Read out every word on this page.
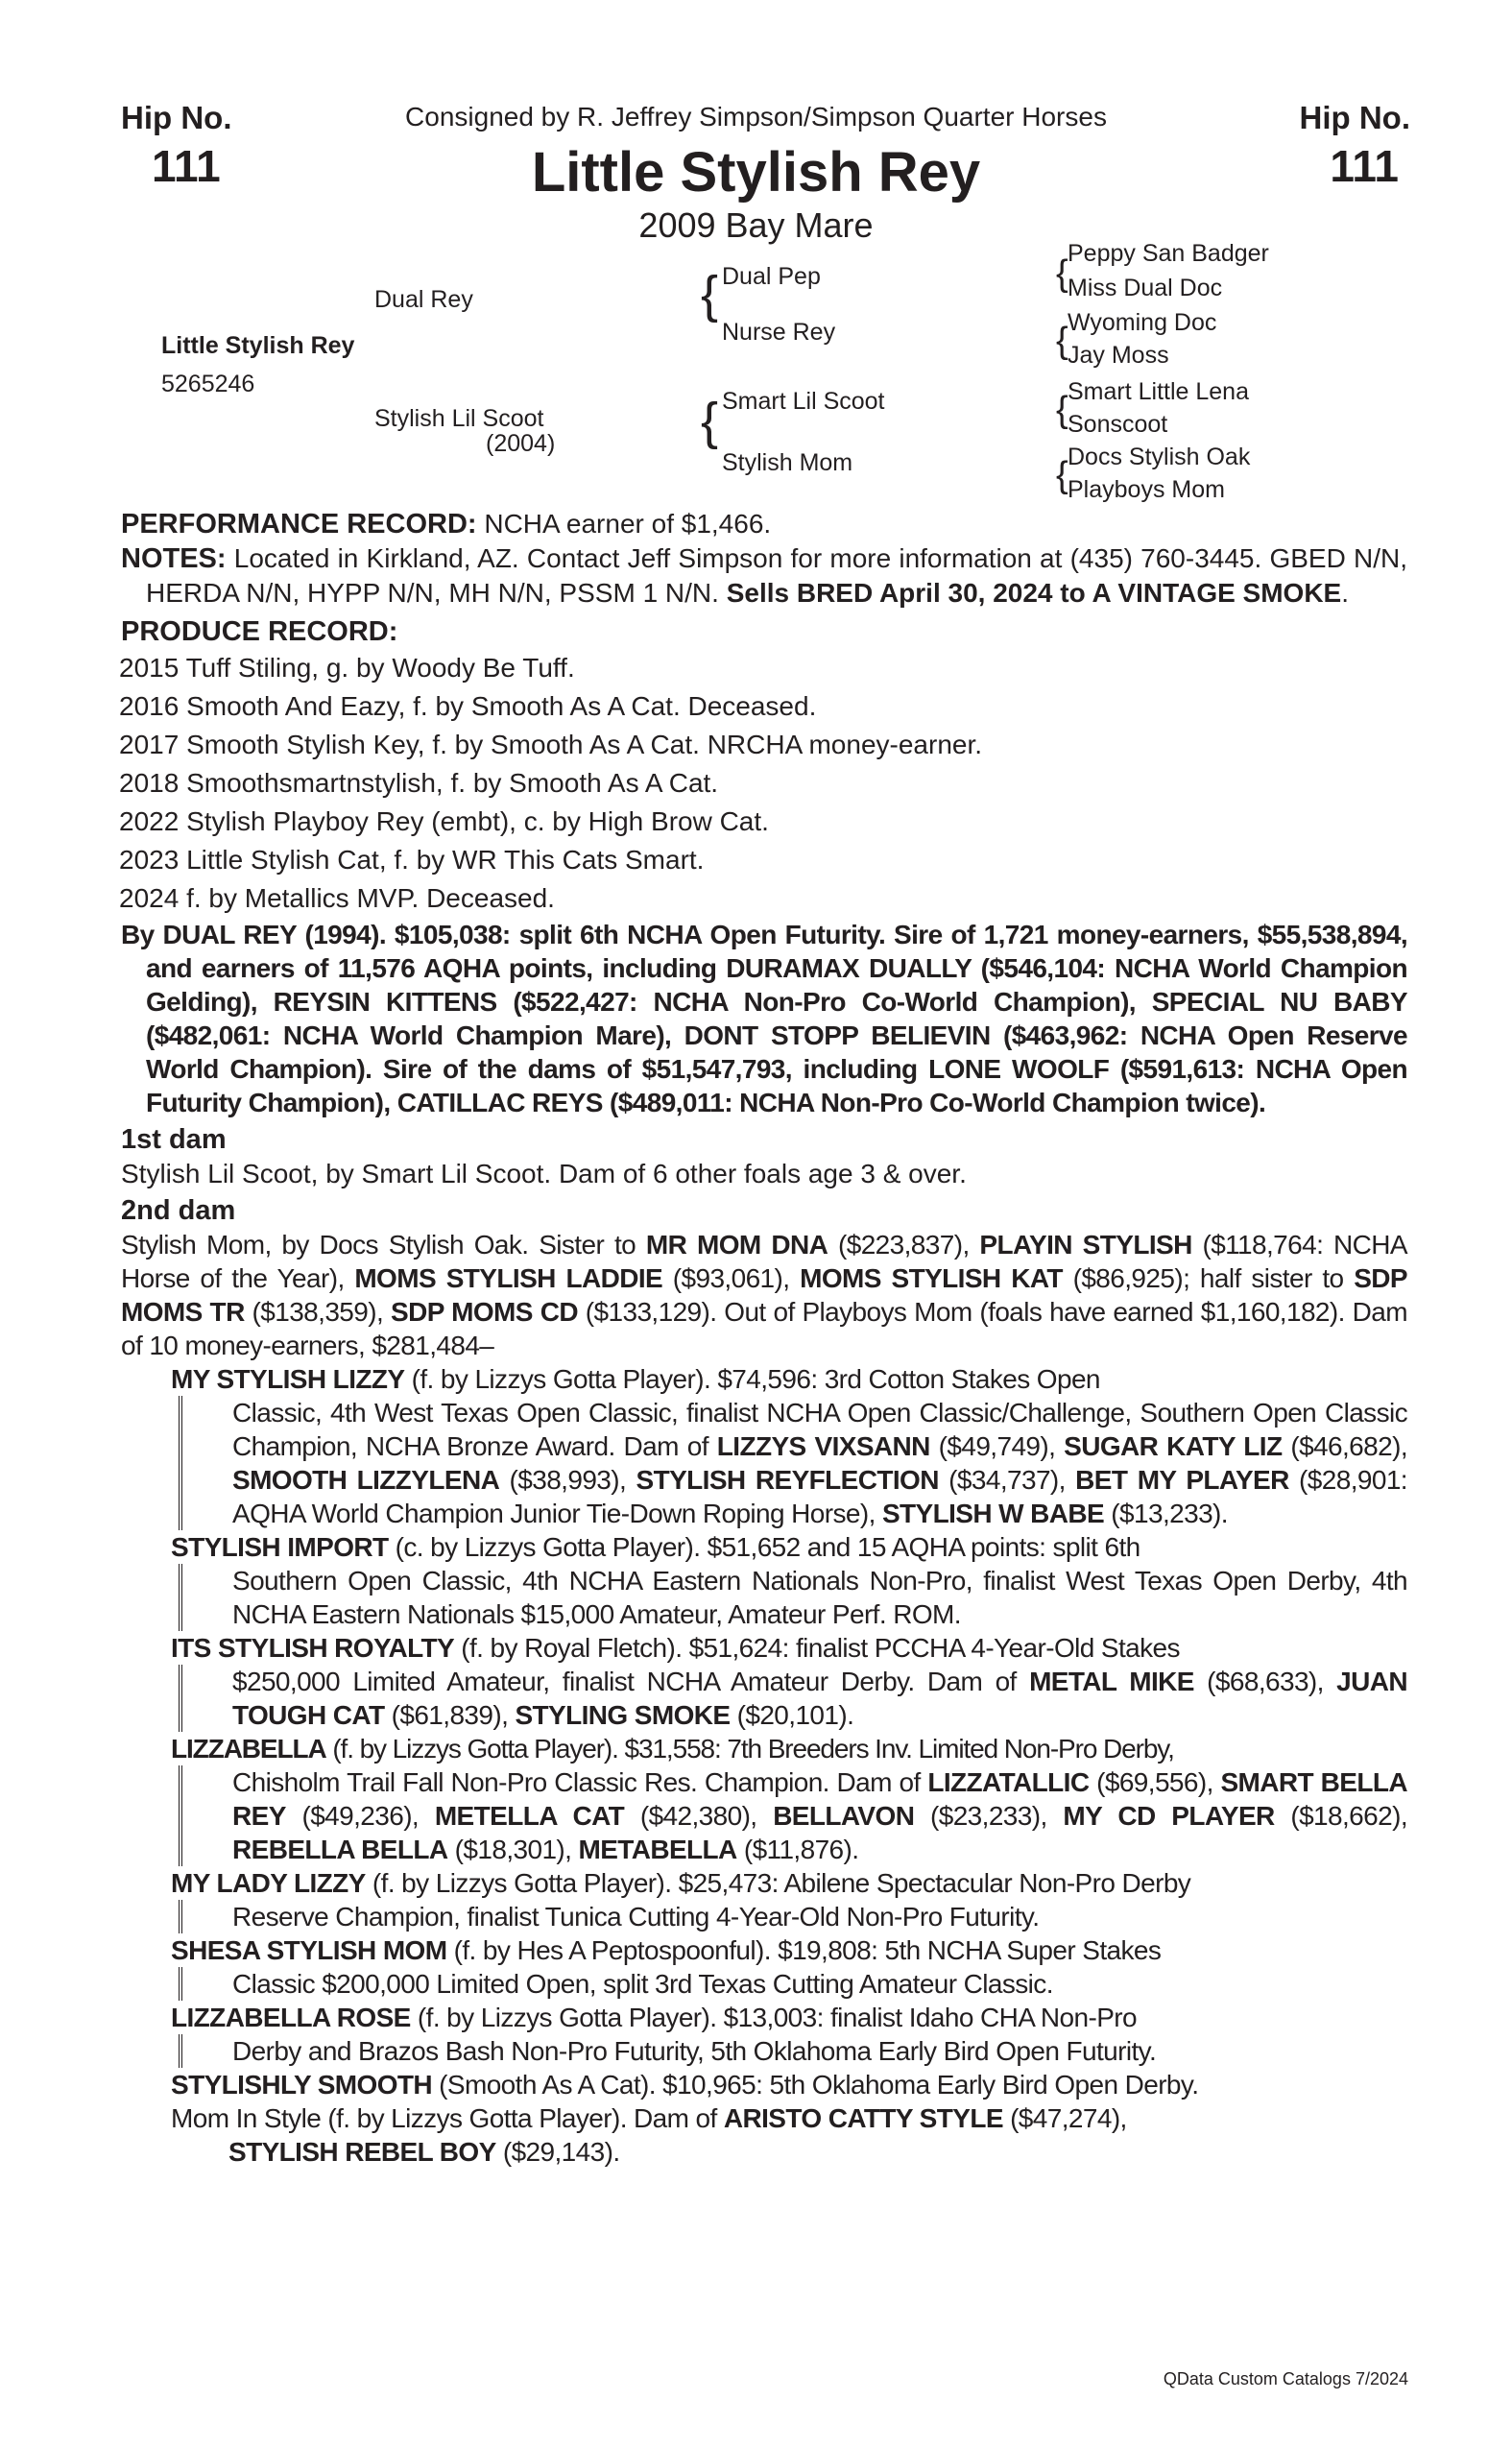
Hip No.
111
Hip No.
111
Consigned by R. Jeffrey Simpson/Simpson Quarter Horses
Little Stylish Rey
2009 Bay Mare
Little Stylish Rey
5265246
Dual Rey
Stylish Lil Scoot
(2004)
{ Dual Pep
Nurse Rey
{ Smart Lil Scoot
Stylish Mom
{ Peppy San Badger
Miss Dual Doc
{ Wyoming Doc
Jay Moss
{ Smart Little Lena
Sonscoot
{ Docs Stylish Oak
Playboys Mom

PERFORMANCE RECORD: NCHA earner of $1,466.

NOTES: Located in Kirkland, AZ. Contact Jeff Simpson for more information at (435) 760-3445. GBED N/N, HERDA N/N, HYPP N/N, MH N/N, PSSM 1 N/N. Sells BRED April 30, 2024 to A VINTAGE SMOKE.

PRODUCE RECORD:

2015 Tuff Stiling, g. by Woody Be Tuff.

2016 Smooth And Eazy, f. by Smooth As A Cat. Deceased.

2017 Smooth Stylish Key, f. by Smooth As A Cat. NRCHA money-earner.

2018 Smoothsmartnstylish, f. by Smooth As A Cat.

2022 Stylish Playboy Rey (embt), c. by High Brow Cat.

2023 Little Stylish Cat, f. by WR This Cats Smart.

2024 f. by Metallics MVP. Deceased.

By DUAL REY (1994). $105,038: split 6th NCHA Open Futurity. Sire of 1,721 money-earners, $55,538,894, and earners of 11,576 AQHA points, including DURAMAX DUALLY ($546,104: NCHA World Champion Gelding), REYSIN KITTENS ($522,427: NCHA Non-Pro Co-World Champion), SPECIAL NU BABY ($482,061: NCHA World Champion Mare), DONT STOPP BELIEVIN ($463,962: NCHA Open Reserve World Champion). Sire of the dams of $51,547,793, including LONE WOOLF ($591,613: NCHA Open Futurity Champion), CATILLAC REYS ($489,011: NCHA Non-Pro Co-World Champion twice).

1st dam

Stylish Lil Scoot, by Smart Lil Scoot. Dam of 6 other foals age 3 & over.

2nd dam

Stylish Mom, by Docs Stylish Oak. Sister to MR MOM DNA ($223,837), PLAYIN STYLISH ($118,764: NCHA Horse of the Year), MOMS STYLISH LADDIE ($93,061), MOMS STYLISH KAT ($86,925); half sister to SDP MOMS TR ($138,359), SDP MOMS CD ($133,129). Out of Playboys Mom (foals have earned $1,160,182). Dam of 10 money-earners, $281,484–

MY STYLISH LIZZY (f. by Lizzys Gotta Player). $74,596: 3rd Cotton Stakes Open

Classic, 4th West Texas Open Classic, finalist NCHA Open Classic/Challenge, Southern Open Classic Champion, NCHA Bronze Award. Dam of LIZZYS VIXSANN ($49,749), SUGAR KATY LIZ ($46,682), SMOOTH LIZZYLENA ($38,993), STYLISH REYFLECTION ($34,737), BET MY PLAYER ($28,901: AQHA World Champion Junior Tie-Down Roping Horse), STYLISH W BABE ($13,233).

STYLISH IMPORT (c. by Lizzys Gotta Player). $51,652 and 15 AQHA points: split 6th

Southern Open Classic, 4th NCHA Eastern Nationals Non-Pro, finalist West Texas Open Derby, 4th NCHA Eastern Nationals $15,000 Amateur, Amateur Perf. ROM.

ITS STYLISH ROYALTY (f. by Royal Fletch). $51,624: finalist PCCHA 4-Year-Old Stakes

$250,000 Limited Amateur, finalist NCHA Amateur Derby. Dam of METAL MIKE ($68,633), JUAN TOUGH CAT ($61,839), STYLING SMOKE ($20,101).

LIZZABELLA (f. by Lizzys Gotta Player). $31,558: 7th Breeders Inv. Limited Non-Pro Derby,

Chisholm Trail Fall Non-Pro Classic Res. Champion. Dam of LIZZATALLIC ($69,556), SMART BELLA REY ($49,236), METELLA CAT ($42,380), BELLAVON ($23,233), MY CD PLAYER ($18,662), REBELLA BELLA ($18,301), METABELLA ($11,876).

MY LADY LIZZY (f. by Lizzys Gotta Player). $25,473: Abilene Spectacular Non-Pro Derby

Reserve Champion, finalist Tunica Cutting 4-Year-Old Non-Pro Futurity.

SHESA STYLISH MOM (f. by Hes A Peptospoonful). $19,808: 5th NCHA Super Stakes

Classic $200,000 Limited Open, split 3rd Texas Cutting Amateur Classic.

LIZZABELLA ROSE (f. by Lizzys Gotta Player). $13,003: finalist Idaho CHA Non-Pro

Derby and Brazos Bash Non-Pro Futurity, 5th Oklahoma Early Bird Open Futurity.

STYLISHLY SMOOTH (Smooth As A Cat). $10,965: 5th Oklahoma Early Bird Open Derby.

Mom In Style (f. by Lizzys Gotta Player). Dam of ARISTO CATTY STYLE ($47,274),

STYLISH REBEL BOY ($29,143).

QData Custom Catalogs 7/2024
